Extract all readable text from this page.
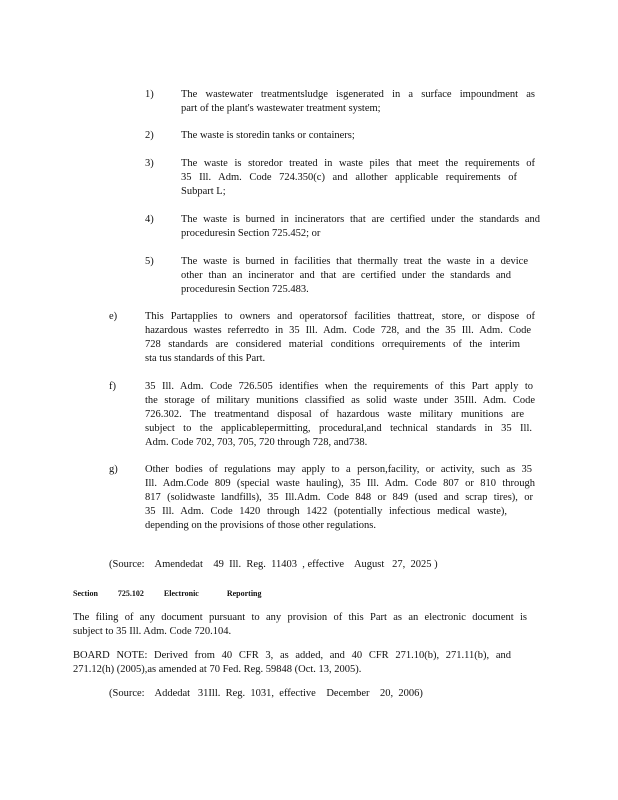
1)	The wastewater treatmentsludge isgenerated in a surface impoundment as
part of the plant's wastewater treatment system;
2)	The waste is storedin tanks or containers;
3)	The waste is storedor treated in waste piles that meet the requirements of
35 Ill. Adm. Code 724.350(c) and allother applicable requirements of
Subpart L;
4)	The waste is burned in incinerators that are certified under the standards and
proceduresin Section 725.452; or
5)	The waste is burned in facilities that thermally treat the waste in a device
other than an incinerator and that are certified under the standards and
proceduresin Section 725.483.
e)	This Partapplies to owners and operatorsof facilities thattreat, store, or dispose of
hazardous wastes referredto in 35 Ill. Adm. Code 728, and the 35 Ill. Adm. Code
728 standards are considered material conditions orrequirements of the interim
sta tus standards of this Part.
f)	35 Ill. Adm. Code 726.505 identifies when the requirements of this Part apply to
the storage of military munitions classified as solid waste under 35Ill. Adm. Code
726.302. The treatmentand disposal of hazardous waste military munitions are
subject to the applicablepermitting, procedural,and technical standards in 35 Ill.
Adm. Code 702, 703, 705, 720 through 728, and738.
g)	Other bodies of regulations may apply to a person,facility, or activity, such as 35
Ill. Adm.Code 809 (special waste hauling), 35 Ill. Adm. Code 807 or 810 through
817 (solidwaste landfills), 35 Ill.Adm. Code 848 or 849 (used and scrap tires), or
35 Ill. Adm. Code 1420 through 1422 (potentially infectious medical waste),
depending on the provisions of those other regulations.
(Source:    Amendedat    49  Ill.  Reg.  11403  , effective    August   27,  2025 )
Section	725.102	Electronic	Reporting
The filing of any document pursuant to any provision of this Part as an electronic document is
subject to 35 Ill. Adm. Code 720.104.
BOARD NOTE: Derived from 40 CFR 3, as added, and 40 CFR 271.10(b), 271.11(b), and
271.12(h) (2005),as amended at 70 Fed. Reg. 59848 (Oct. 13, 2005).
(Source:    Addedat   31Ill.  Reg.  1031,  effective    December    20,  2006)
